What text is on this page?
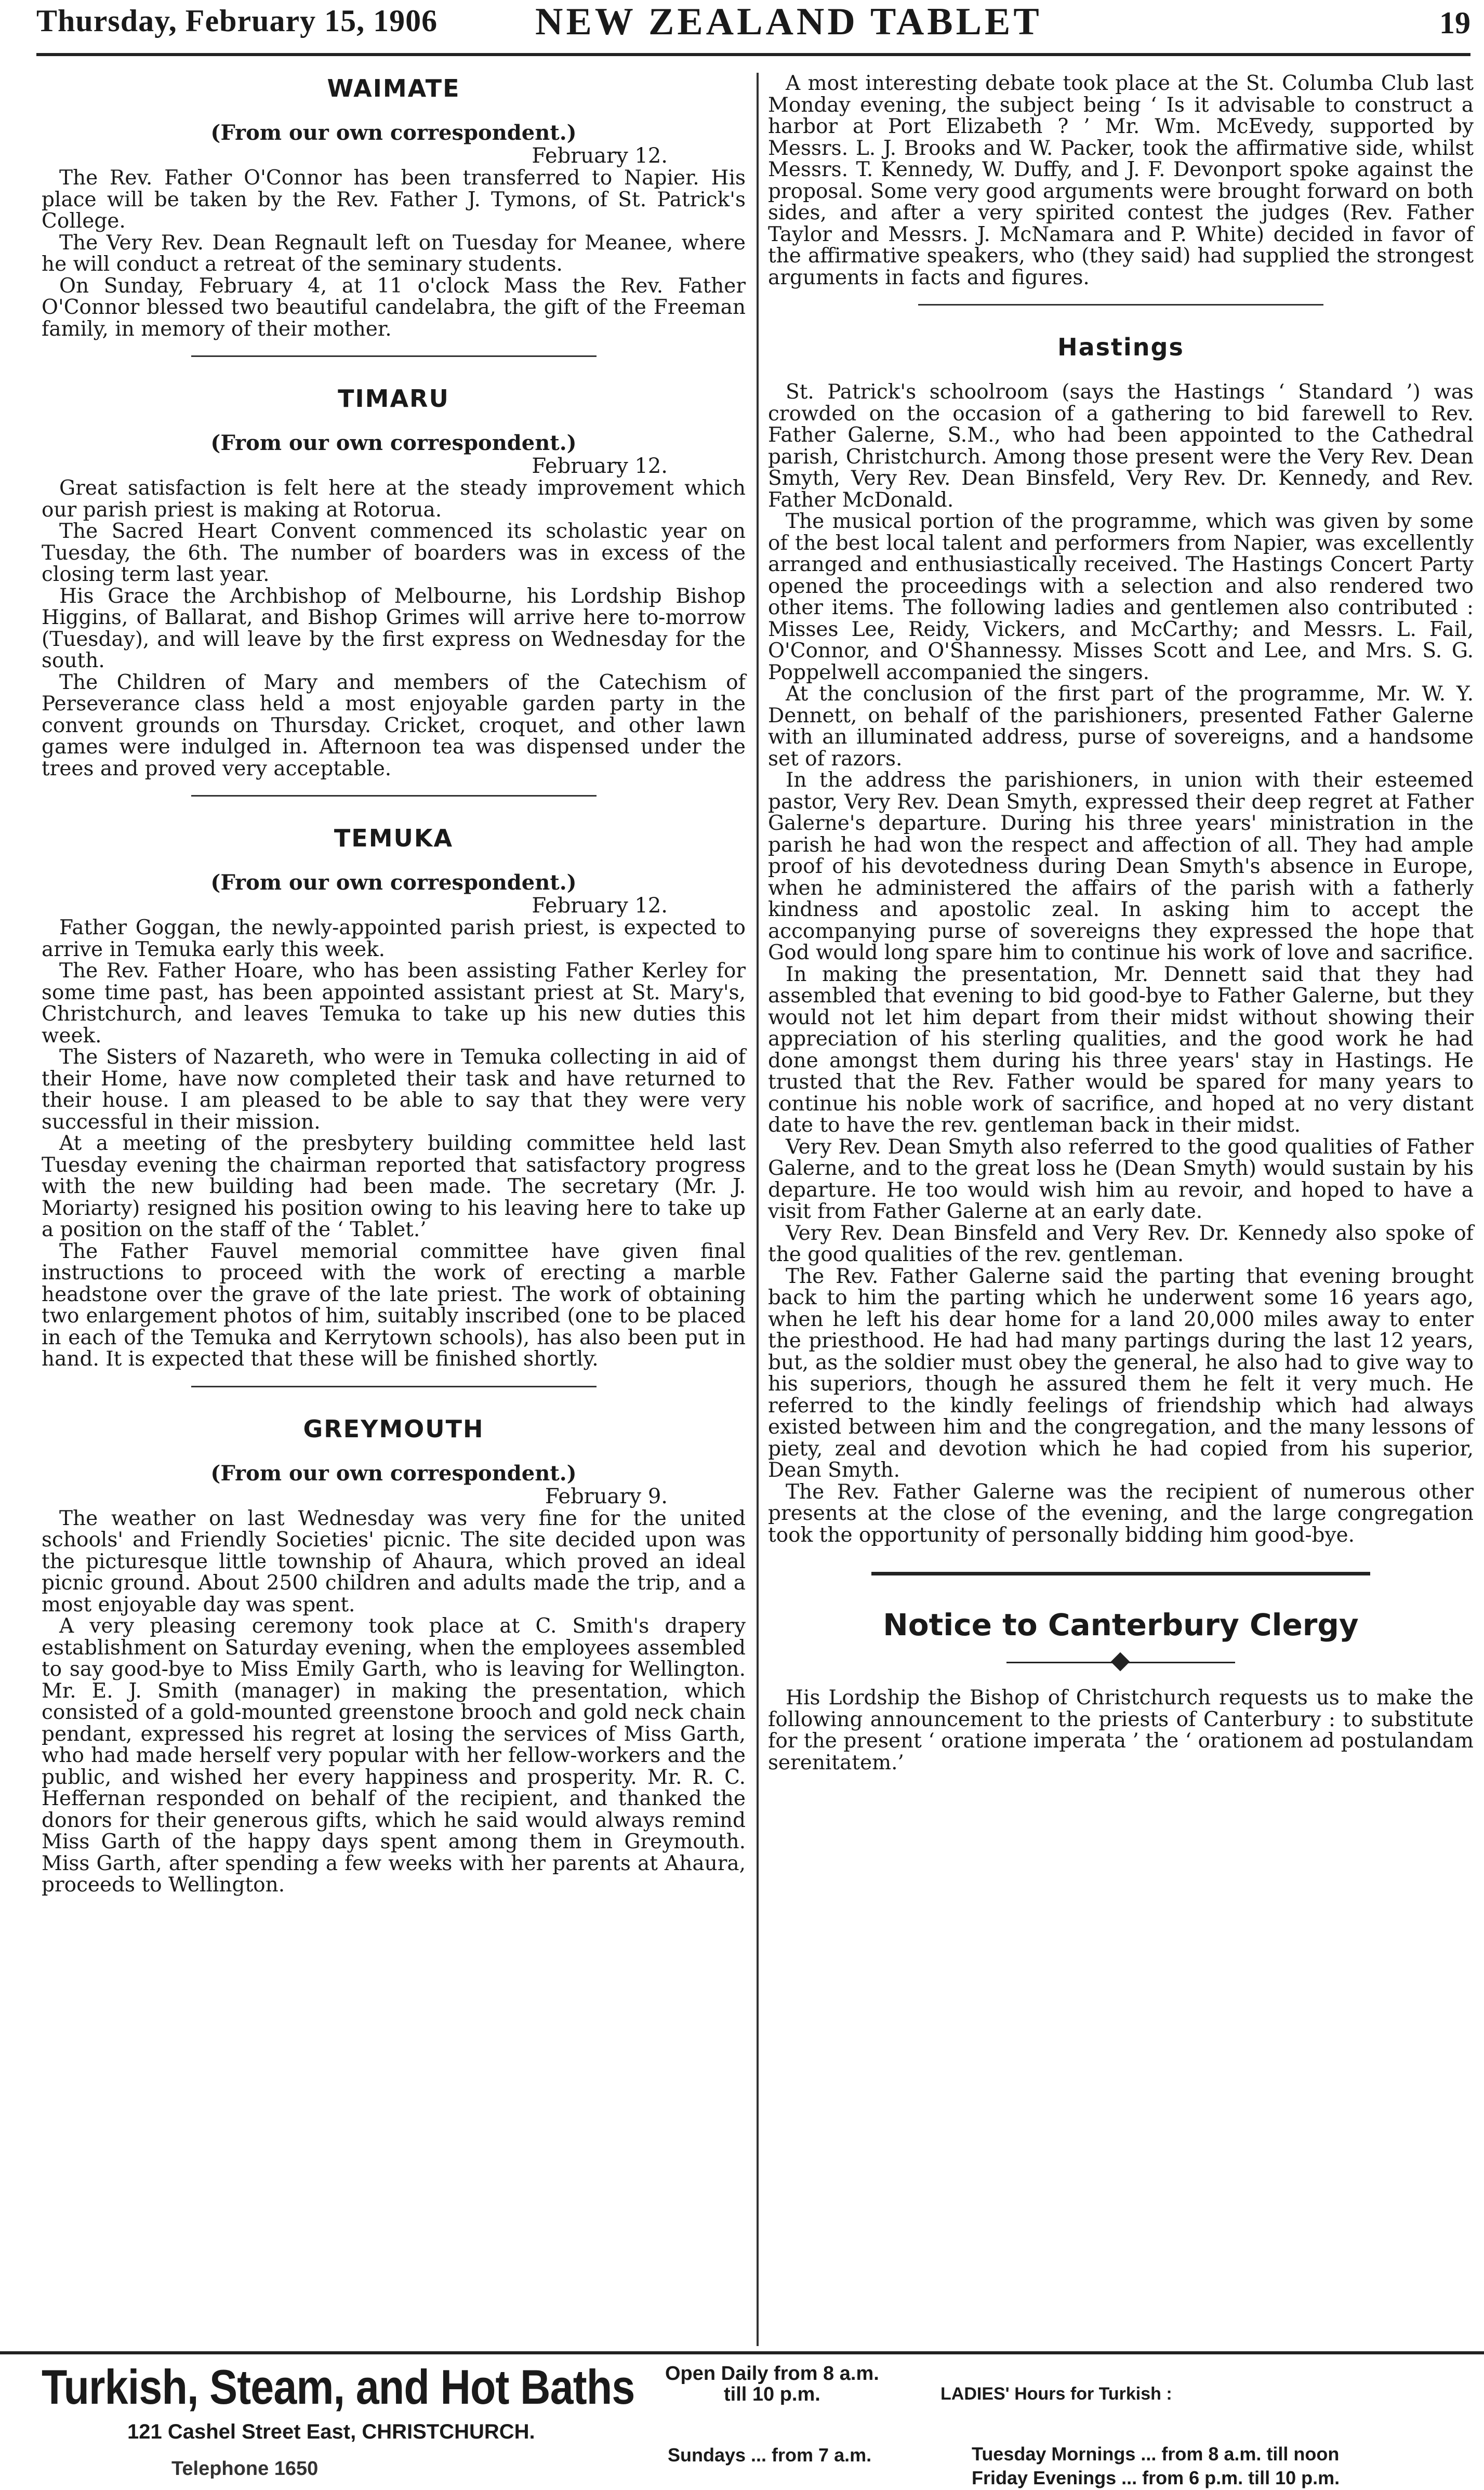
Thursday, February 15, 1906	NEW ZEALAND TABLET	19
WAIMATE
(From our own correspondent.)
February 12.

The Rev. Father O'Connor has been transferred to Napier. His place will be taken by the Rev. Father J. Tymons, of St. Patrick's College.

The Very Rev. Dean Regnault left on Tuesday for Meanee, where he will conduct a retreat of the seminary students.

On Sunday, February 4, at 11 o'clock Mass the Rev. Father O'Connor blessed two beautiful candelabra, the gift of the Freeman family, in memory of their mother.

TIMARU
(From our own correspondent.)
February 12.

Great satisfaction is felt here at the steady improvement which our parish priest is making at Rotorua.

The Sacred Heart Convent commenced its scholastic year on Tuesday, the 6th. The number of boarders was in excess of the closing term last year.

His Grace the Archbishop of Melbourne, his Lordship Bishop Higgins, of Ballarat, and Bishop Grimes will arrive here to-morrow (Tuesday), and will leave by the first express on Wednesday for the south.

The Children of Mary and members of the Catechism of Perseverance class held a most enjoyable garden party in the convent grounds on Thursday. Cricket, croquet, and other lawn games were indulged in. Afternoon tea was dispensed under the trees and proved very acceptable.

TEMUKA
(From our own correspondent.)
February 12.

Father Goggan, the newly-appointed parish priest, is expected to arrive in Temuka early this week.

The Rev. Father Hoare, who has been assisting Father Kerley for some time past, has been appointed assistant priest at St. Mary's, Christchurch, and leaves Temuka to take up his new duties this week.

The Sisters of Nazareth, who were in Temuka collecting in aid of their Home, have now completed their task and have returned to their house. I am pleased to be able to say that they were very successful in their mission.

At a meeting of the presbytery building committee held last Tuesday evening the chairman reported that satisfactory progress with the new building had been made. The secretary (Mr. J. Moriarty) resigned his position owing to his leaving here to take up a position on the staff of the ‘ Tablet.’

The Father Fauvel memorial committee have given final instructions to proceed with the work of erecting a marble headstone over the grave of the late priest. The work of obtaining two enlargement photos of him, suitably inscribed (one to be placed in each of the Temuka and Kerrytown schools), has also been put in hand. It is expected that these will be finished shortly.

GREYMOUTH
(From our own correspondent.)
February 9.

The weather on last Wednesday was very fine for the united schools' and Friendly Societies' picnic. The site decided upon was the picturesque little township of Ahaura, which proved an ideal picnic ground. About 2500 children and adults made the trip, and a most enjoyable day was spent.

A very pleasing ceremony took place at C. Smith's drapery establishment on Saturday evening, when the employees assembled to say good-bye to Miss Emily Garth, who is leaving for Wellington. Mr. E. J. Smith (manager) in making the presentation, which consisted of a gold-mounted greenstone brooch and gold neck chain pendant, expressed his regret at losing the services of Miss Garth, who had made herself very popular with her fellow-workers and the public, and wished her every happiness and prosperity. Mr. R. C. Heffernan responded on behalf of the recipient, and thanked the donors for their generous gifts, which he said would always remind Miss Garth of the happy days spent among them in Greymouth. Miss Garth, after spending a few weeks with her parents at Ahaura, proceeds to Wellington.

A most interesting debate took place at the St. Columba Club last Monday evening, the subject being ‘ Is it advisable to construct a harbor at Port Elizabeth ? ’ Mr. Wm. McEvedy, supported by Messrs. L. J. Brooks and W. Packer, took the affirmative side, whilst Messrs. T. Kennedy, W. Duffy, and J. F. Devonport spoke against the proposal. Some very good arguments were brought forward on both sides, and after a very spirited contest the judges (Rev. Father Taylor and Messrs. J. McNamara and P. White) decided in favor of the affirmative speakers, who (they said) had supplied the strongest arguments in facts and figures.

Hastings

St. Patrick's schoolroom (says the Hastings ‘ Standard ’) was crowded on the occasion of a gathering to bid farewell to Rev. Father Galerne, S.M., who had been appointed to the Cathedral parish, Christchurch. Among those present were the Very Rev. Dean Smyth, Very Rev. Dean Binsfeld, Very Rev. Dr. Kennedy, and Rev. Father McDonald.

The musical portion of the programme, which was given by some of the best local talent and performers from Napier, was excellently arranged and enthusiastically received. The Hastings Concert Party opened the proceedings with a selection and also rendered two other items. The following ladies and gentlemen also contributed : Misses Lee, Reidy, Vickers, and McCarthy; and Messrs. L. Fail, O'Connor, and O'Shannessy. Misses Scott and Lee, and Mrs. S. G. Poppelwell accompanied the singers.

At the conclusion of the first part of the programme, Mr. W. Y. Dennett, on behalf of the parishioners, presented Father Galerne with an illuminated address, purse of sovereigns, and a handsome set of razors.

In the address the parishioners, in union with their esteemed pastor, Very Rev. Dean Smyth, expressed their deep regret at Father Galerne's departure. During his three years' ministration in the parish he had won the respect and affection of all. They had ample proof of his devotedness during Dean Smyth's absence in Europe, when he administered the affairs of the parish with a fatherly kindness and apostolic zeal. In asking him to accept the accompanying purse of sovereigns they expressed the hope that God would long spare him to continue his work of love and sacrifice.

In making the presentation, Mr. Dennett said that they had assembled that evening to bid good-bye to Father Galerne, but they would not let him depart from their midst without showing their appreciation of his sterling qualities, and the good work he had done amongst them during his three years' stay in Hastings. He trusted that the Rev. Father would be spared for many years to continue his noble work of sacrifice, and hoped at no very distant date to have the rev. gentleman back in their midst.

Very Rev. Dean Smyth also referred to the good qualities of Father Galerne, and to the great loss he (Dean Smyth) would sustain by his departure. He too would wish him au revoir, and hoped to have a visit from Father Galerne at an early date.

Very Rev. Dean Binsfeld and Very Rev. Dr. Kennedy also spoke of the good qualities of the rev. gentleman.

The Rev. Father Galerne said the parting that evening brought back to him the parting which he underwent some 16 years ago, when he left his dear home for a land 20,000 miles away to enter the priesthood. He had had many partings during the last 12 years, but, as the soldier must obey the general, he also had to give way to his superiors, though he assured them he felt it very much. He referred to the kindly feelings of friendship which had always existed between him and the congregation, and the many lessons of piety, zeal and devotion which he had copied from his superior, Dean Smyth.

The Rev. Father Galerne was the recipient of numerous other presents at the close of the evening, and the large congregation took the opportunity of personally bidding him good-bye.

Notice to Canterbury Clergy

His Lordship the Bishop of Christchurch requests us to make the following announcement to the priests of Canterbury : to substitute for the present ‘ oratione imperata ’ the ‘ orationem ad postulandam serenitatem.’

Turkish, Steam, and Hot Baths
121 Cashel Street East, CHRISTCHURCH.
Telephone 1650
Open Daily from 8 a.m.
till 10 p.m.
Sundays ... from 7 a.m.
LADIES' Hours for Turkish :
Tuesday Mornings ... from 8 a.m. till noon
Friday Evenings ... from 6 p.m. till 10 p.m.
